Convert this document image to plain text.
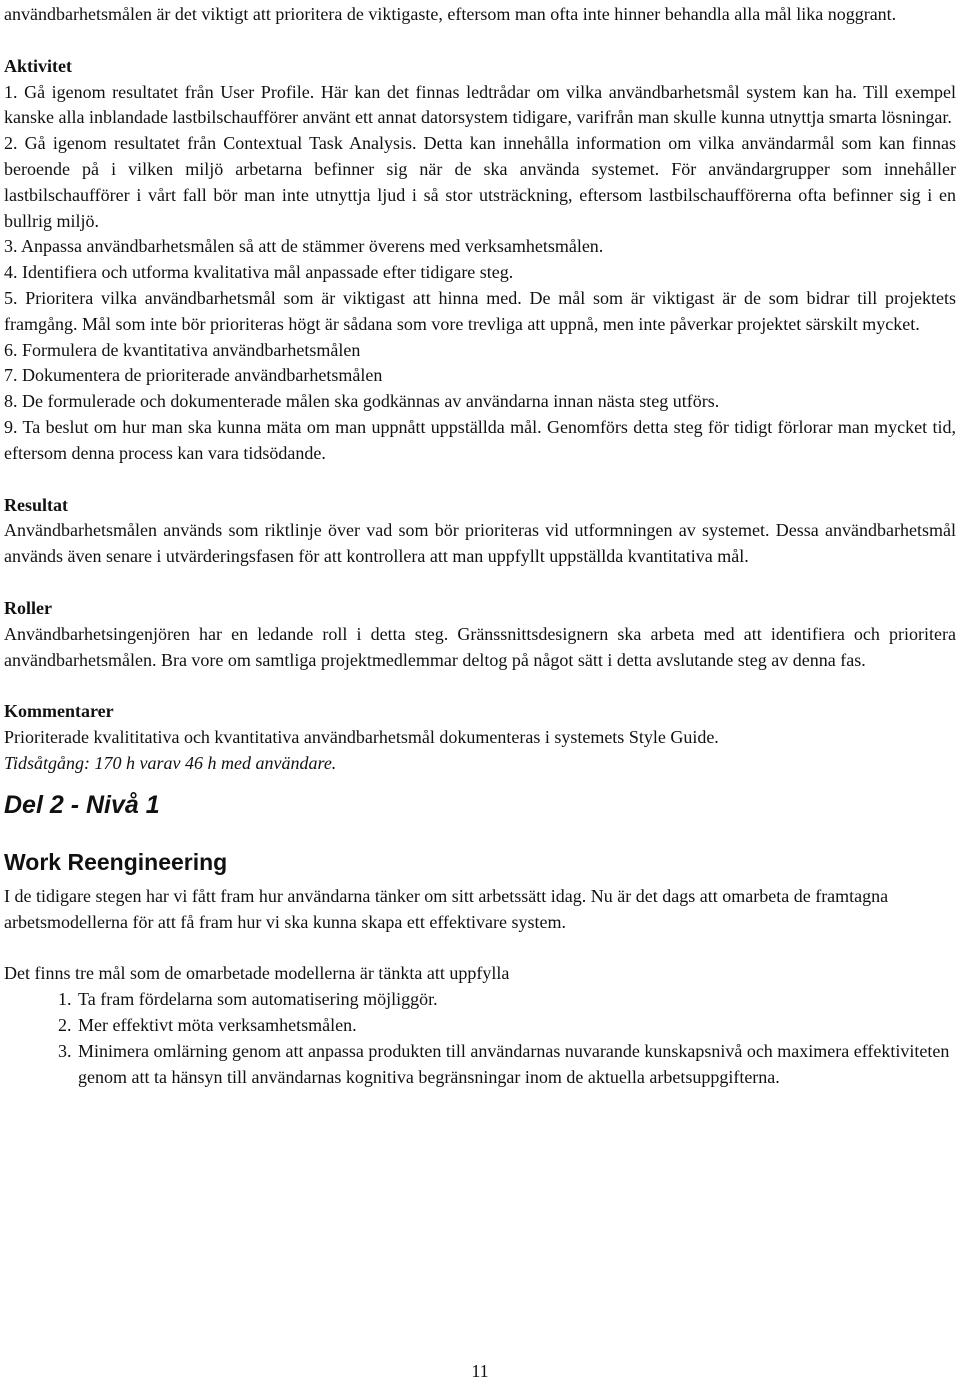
användbarhetsmålen är det viktigt att prioritera de viktigaste, eftersom man ofta inte hinner behandla alla mål lika noggrant.

Aktivitet

1. Gå igenom resultatet från User Profile. Här kan det finnas ledtrådar om vilka användbarhetsmål system kan ha. Till exempel kanske alla inblandade lastbilschaufförer använt ett annat datorsystem tidigare, varifrån man skulle kunna utnyttja smarta lösningar.

2. Gå igenom resultatet från Contextual Task Analysis. Detta kan innehålla information om vilka användarmål som kan finnas beroende på i vilken miljö arbetarna befinner sig när de ska använda systemet. För användargrupper som innehåller lastbilschaufförer i vårt fall bör man inte utnyttja ljud i så stor utsträckning, eftersom lastbilschaufförerna ofta befinner sig i en bullrig miljö.

3. Anpassa användbarhetsmålen så att de stämmer överens med verksamhetsmålen.

4. Identifiera och utforma kvalitativa mål anpassade efter tidigare steg.

5. Prioritera vilka användbarhetsmål som är viktigast att hinna med. De mål som är viktigast är de som bidrar till projektets framgång. Mål som inte bör prioriteras högt är sådana som vore trevliga att uppnå, men inte påverkar projektet särskilt mycket.

6. Formulera de kvantitativa användbarhetsmålen

7. Dokumentera de prioriterade användbarhetsmålen

8. De formulerade och dokumenterade målen ska godkännas av användarna innan nästa steg utförs.

9. Ta beslut om hur man ska kunna mäta om man uppnått uppställda mål. Genomförs detta steg för tidigt förlorar man mycket tid, eftersom denna process kan vara tidsödande.

Resultat

Användbarhetsmålen används som riktlinje över vad som bör prioriteras vid utformningen av systemet. Dessa användbarhetsmål används även senare i utvärderingsfasen för att kontrollera att man uppfyllt uppställda kvantitativa mål.

Roller

Användbarhetsingenjören har en ledande roll i detta steg. Gränssnittsdesignern ska arbeta med att identifiera och prioritera användbarhetsmålen. Bra vore om samtliga projektmedlemmar deltog på något sätt i detta avslutande steg av denna fas.

Kommentarer

Prioriterade kvalititativa och kvantitativa användbarhetsmål dokumenteras i systemets Style Guide.

Tidsåtgång: 170 h varav 46 h med användare.

Del 2 - Nivå 1

Work Reengineering

I de tidigare stegen har vi fått fram hur användarna tänker om sitt arbetssätt idag. Nu är det dags att omarbeta de framtagna arbetsmodellerna för att få fram hur vi ska kunna skapa ett effektivare system.

Det finns tre mål som de omarbetade modellerna är tänkta att uppfylla

1. Ta fram fördelarna som automatisering möjliggör.
2. Mer effektivt möta verksamhetsmålen.
3. Minimera omlärning genom att anpassa produkten till användarnas nuvarande kunskapsnivå och maximera effektiviteten genom att ta hänsyn till användarnas kognitiva begränsningar inom de aktuella arbetsuppgifterna.
11
